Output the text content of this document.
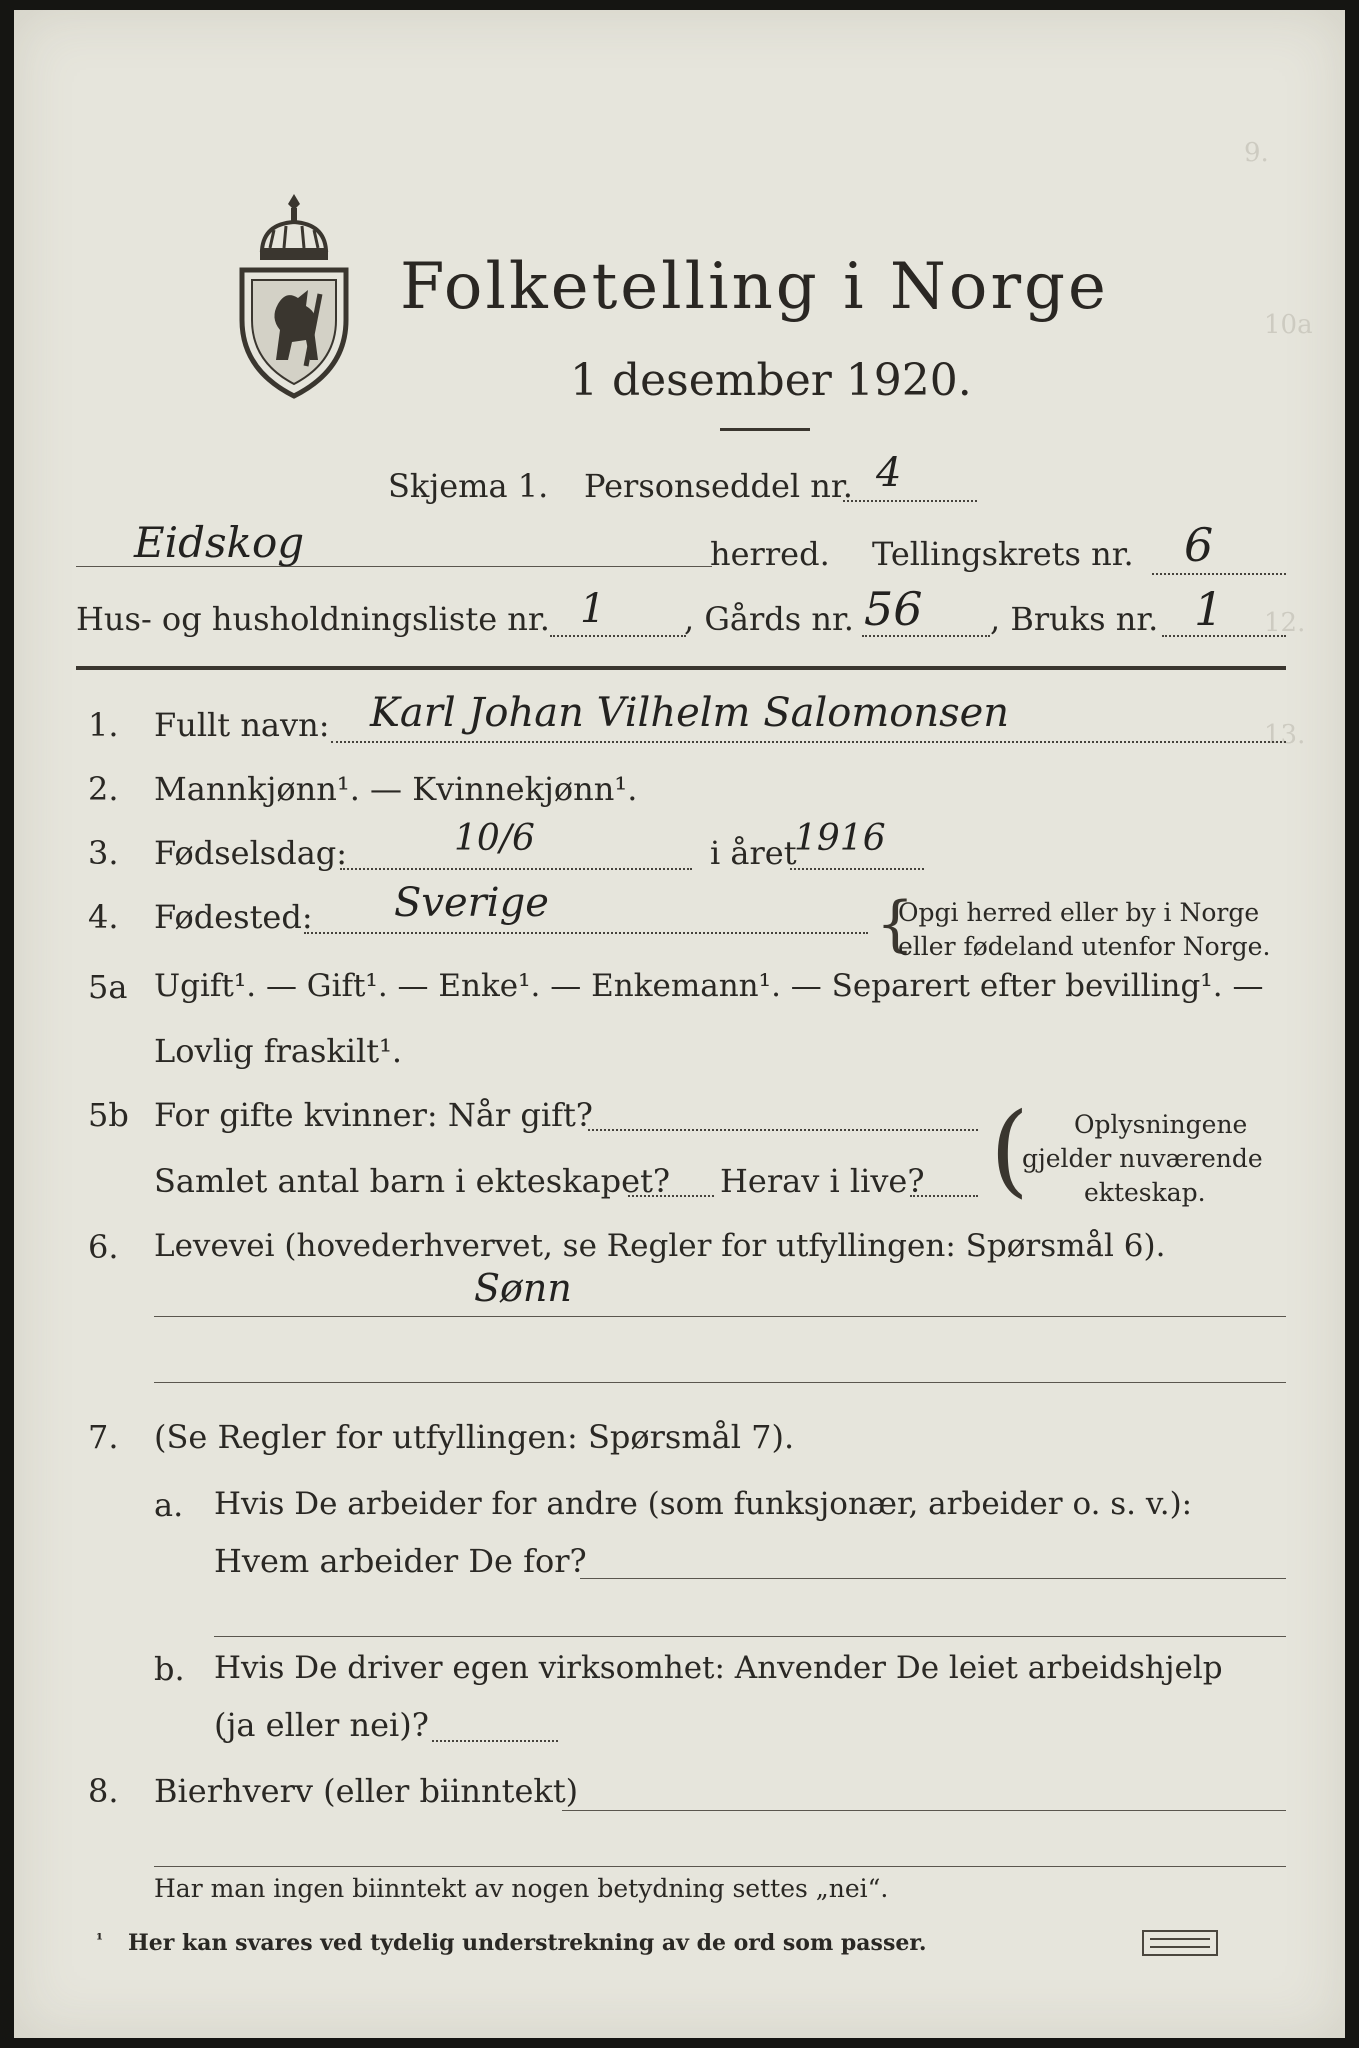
9.
10a
12.
13.
Folketelling i Norge
1 desember 1920.
Skjema 1. Personseddel nr. 4
Eidskog	herred. Tellingskrets nr. 6
Hus- og husholdningsliste nr. 1 , Gårds nr. 56 , Bruks nr. 1
1. Fullt navn: Karl Johan Vilhelm Salomonsen
2. Mannkjønn¹. — Kvinnekjønn¹.
3. Fødselsdag:	10/6	i året
1916
4. Fødested: Sverige	{
Opgi herred eller by i Norge
eller fødeland utenfor Norge.
5a Ugift¹. — Gift¹. — Enke¹. — Enkemann¹. — Separert efter bevilling¹. —
Lovlig fraskilt¹.
5b For gifte kvinner: Når gift?
Samlet antal barn i ekteskapet? Herav i live? ( Oplysningene
gjelder nuværende
ekteskap.
6. Levevei (hovederhvervet, se Regler for utfyllingen: Spørsmål 6).
Sønn
7. (Se Regler for utfyllingen: Spørsmål 7).
a. Hvis De arbeider for andre (som funksjonær, arbeider o. s. v.):
Hvem arbeider De for?
b. Hvis De driver egen virksomhet: Anvender De leiet arbeidshjelp
(ja eller nei)?
8. Bierhverv (eller biinntekt)
Har man ingen biinntekt av nogen betydning settes „nei“.
¹ Her kan svares ved tydelig understrekning av de ord som passer.
